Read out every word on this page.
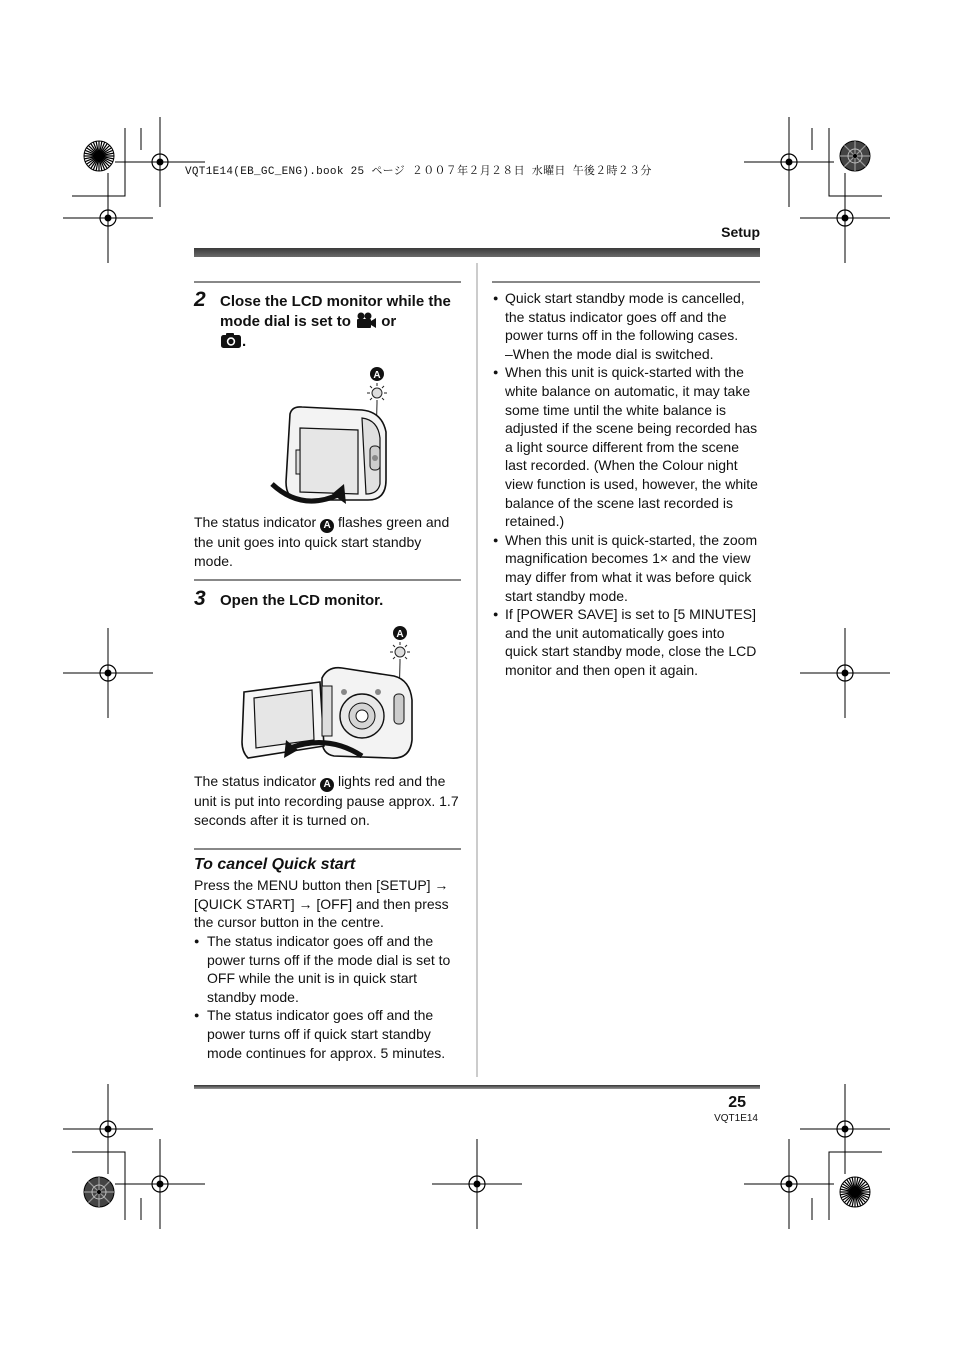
VQT1E14(EB_GC_ENG).book 25 ページ ２００７年２月２８日 水曜日 午後２時２３分
Setup
2 Close the LCD monitor while the mode dial is set to or
.
A
The status indicator A flashes green and the unit goes into quick start standby mode.
3 Open the LCD monitor.
A
The status indicator A lights red and the unit is put into recording pause approx. 1.7 seconds after it is turned on.
To cancel Quick start
Press the MENU button then [SETUP] → [QUICK START] → [OFF] and then press the cursor button in the centre.
● The status indicator goes off and the power turns off if the mode dial is set to OFF while the unit is in quick start standby mode.
● The status indicator goes off and the power turns off if quick start standby mode continues for approx. 5 minutes.
● Quick start standby mode is cancelled, the status indicator goes off and the power turns off in the following cases.
–When the mode dial is switched.
● When this unit is quick-started with the white balance on automatic, it may take some time until the white balance is adjusted if the scene being recorded has a light source different from the scene last recorded. (When the Colour night view function is used, however, the white balance of the scene last recorded is retained.)
● When this unit is quick-started, the zoom magnification becomes 1× and the view may differ from what it was before quick start standby mode.
● If [POWER SAVE] is set to [5 MINUTES] and the unit automatically goes into quick start standby mode, close the LCD monitor and then open it again.
25
VQT1E14
